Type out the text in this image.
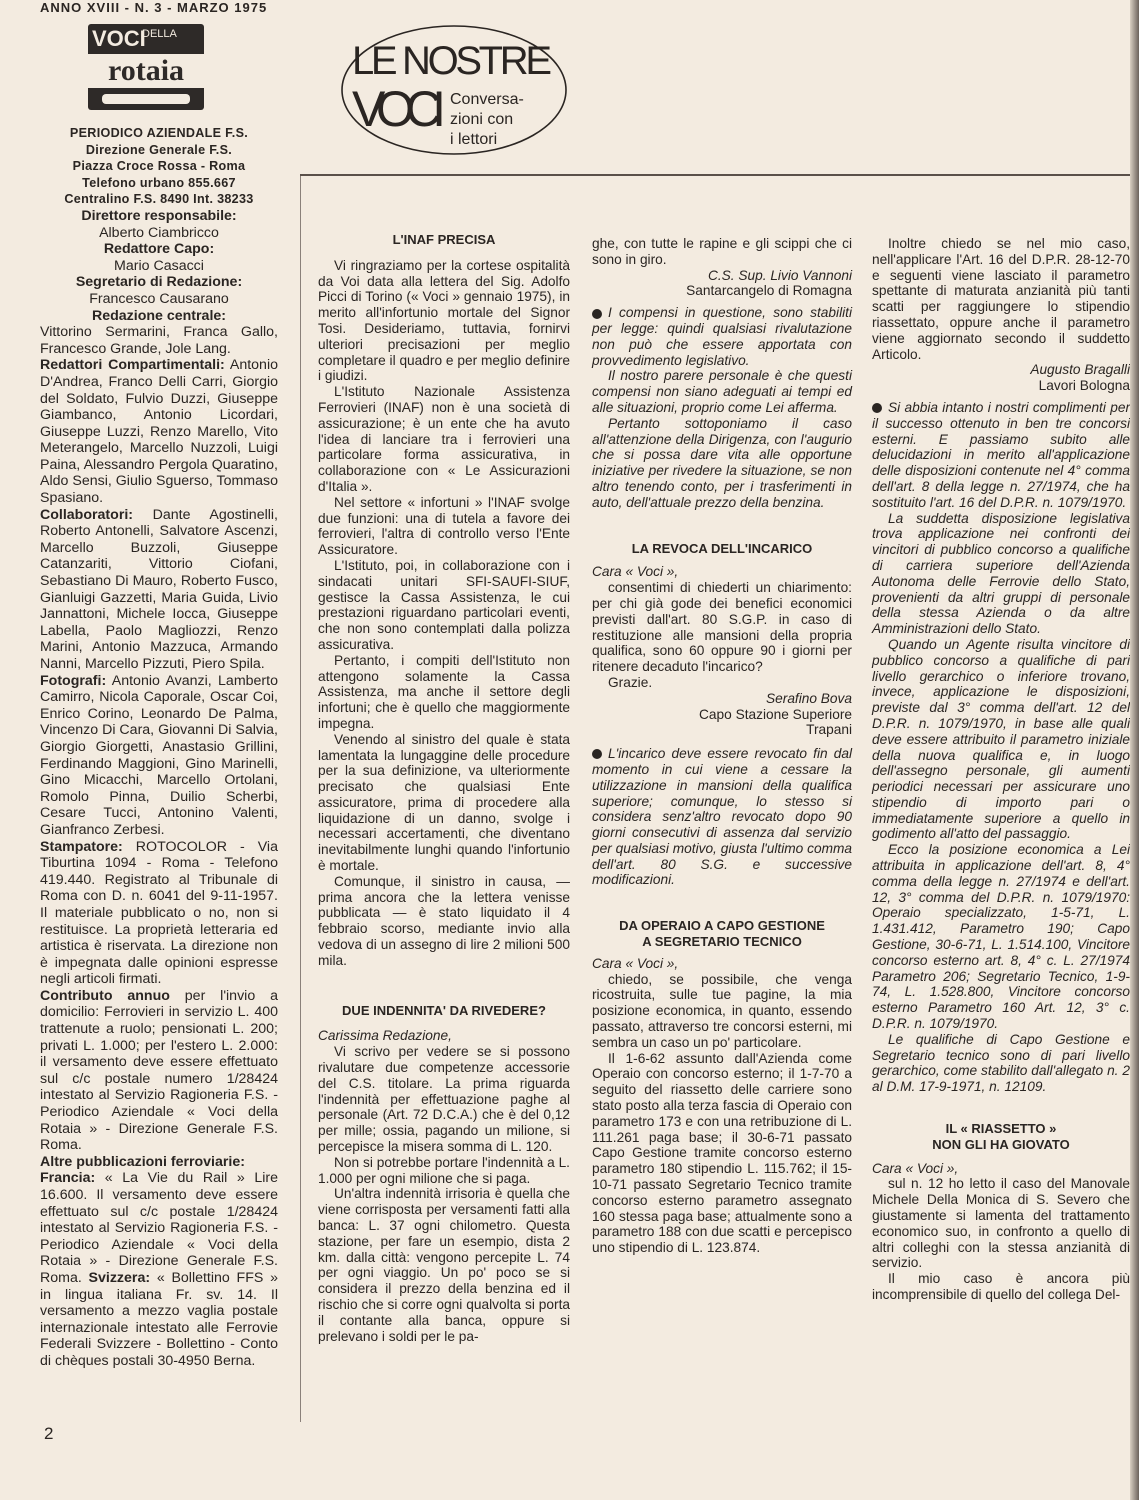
ANNO XVIII - N. 3 - MARZO 1975
VOCI
DELLA
rotaia
PERIODICO AZIENDALE F.S.
Direzione Generale F.S.
Piazza Croce Rossa - Roma
Telefono urbano 855.667
Centralino F.S. 8490 Int. 38233
Direttore responsabile:
Alberto Ciambricco
Redattore Capo:
Mario Casacci
Segretario di Redazione:
Francesco Causarano
Redazione centrale:

Vittorino Sermarini, Franca Gallo, Francesco Grande, Jole Lang.

Redattori Compartimentali: Antonio D'Andrea, Franco Delli Carri, Giorgio del Soldato, Fulvio Duzzi, Giuseppe Giambanco, Antonio Licordari, Giuseppe Luzzi, Renzo Marello, Vito Meterangelo, Marcello Nuzzoli, Luigi Paina, Alessandro Pergola Quaratino, Aldo Sensi, Giulio Sguerso, Tommaso Spasiano.

Collaboratori: Dante Agostinelli, Roberto Antonelli, Salvatore Ascenzi, Marcello Buzzoli, Giuseppe Catanzariti, Vittorio Ciofani, Sebastiano Di Mauro, Roberto Fusco, Gianluigi Gazzetti, Maria Guida, Livio Jannattoni, Michele Iocca, Giuseppe Labella, Paolo Magliozzi, Renzo Marini, Antonio Mazzuca, Armando Nanni, Marcello Pizzuti, Piero Spila.

Fotografi: Antonio Avanzi, Lamberto Camirro, Nicola Caporale, Oscar Coi, Enrico Corino, Leonardo De Palma, Vincenzo Di Cara, Giovanni Di Salvia, Giorgio Giorgetti, Anastasio Grillini, Ferdinando Maggioni, Gino Marinelli, Gino Micacchi, Marcello Ortolani, Romolo Pinna, Duilio Scherbi, Cesare Tucci, Antonino Valenti, Gianfranco Zerbesi.

Stampatore: ROTOCOLOR - Via Tiburtina 1094 - Roma - Telefono 419.440. Registrato al Tribunale di Roma con D. n. 6041 del 9-11-1957. Il materiale pubblicato o no, non si restituisce. La proprietà letteraria ed artistica è riservata. La direzione non è impegnata dalle opinioni espresse negli articoli firmati.

Contributo annuo per l'invio a domicilio: Ferrovieri in servizio L. 400 trattenute a ruolo; pensionati L. 200; privati L. 1.000; per l'estero L. 2.000: il versamento deve essere effettuato sul c/c postale numero 1/28424 intestato al Servizio Ragioneria F.S. - Periodico Aziendale « Voci della Rotaia » - Direzione Generale F.S. Roma.

Altre pubblicazioni ferroviarie:

Francia: « La Vie du Rail » Lire 16.600. Il versamento deve essere effettuato sul c/c postale 1/28424 intestato al Servizio Ragioneria F.S. - Periodico Aziendale « Voci della Rotaia » - Direzione Generale F.S. Roma. Svizzera: « Bollettino FFS » in lingua italiana Fr. sv. 14. Il versamento a mezzo vaglia postale internazionale intestato alle Ferrovie Federali Svizzere - Bollettino - Conto di chèques postali 30-4950 Berna.

2
LE NOSTRE
VOCI Conversa-
zioni con
i lettori

L'INAF PRECISA

Vi ringraziamo per la cortese ospitalità da Voi data alla lettera del Sig. Adolfo Picci di Torino (« Voci » gennaio 1975), in merito all'infortunio mortale del Signor Tosi. Desideriamo, tuttavia, fornirvi ulteriori precisazioni per meglio completare il quadro e per meglio definire i giudizi.

L'Istituto Nazionale Assistenza Ferrovieri (INAF) non è una società di assicurazione; è un ente che ha avuto l'idea di lanciare tra i ferrovieri una particolare forma assicurativa, in collaborazione con « Le Assicurazioni d'Italia ».

Nel settore « infortuni » l'INAF svolge due funzioni: una di tutela a favore dei ferrovieri, l'altra di controllo verso l'Ente Assicuratore.

L'Istituto, poi, in collaborazione con i sindacati unitari SFI-SAUFI-SIUF, gestisce la Cassa Assistenza, le cui prestazioni riguardano particolari eventi, che non sono contemplati dalla polizza assicurativa.

Pertanto, i compiti dell'Istituto non attengono solamente la Cassa Assistenza, ma anche il settore degli infortuni; che è quello che maggiormente impegna.

Venendo al sinistro del quale è stata lamentata la lungaggine delle procedure per la sua definizione, va ulteriormente precisato che qualsiasi Ente assicuratore, prima di procedere alla liquidazione di un danno, svolge i necessari accertamenti, che diventano inevitabilmente lunghi quando l'infortunio è mortale.

Comunque, il sinistro in causa, — prima ancora che la lettera venisse pubblicata — è stato liquidato il 4 febbraio scorso, mediante invio alla vedova di un assegno di lire 2 milioni 500 mila.

DUE INDENNITA' DA RIVEDERE?

Carissima Redazione,

Vi scrivo per vedere se si possono rivalutare due competenze accessorie del C.S. titolare. La prima riguarda l'indennità per effettuazione paghe al personale (Art. 72 D.C.A.) che è del 0,12 per mille; ossia, pagando un milione, si percepisce la misera somma di L. 120.

Non si potrebbe portare l'indennità a L. 1.000 per ogni milione che si paga.

Un'altra indennità irrisoria è quella che viene corrisposta per versamenti fatti alla banca: L. 37 ogni chilometro. Questa stazione, per fare un esempio, dista 2 km. dalla città: vengono percepite L. 74 per ogni viaggio. Un po' poco se si considera il prezzo della benzina ed il rischio che si corre ogni qualvolta si porta il contante alla banca, oppure si prelevano i soldi per le pa-

ghe, con tutte le rapine e gli scippi che ci sono in giro.

C.S. Sup. Livio Vannoni

Santarcangelo di Romagna

I compensi in questione, sono stabiliti per legge: quindi qualsiasi rivalutazione non può che essere apportata con provvedimento legislativo.

Il nostro parere personale è che questi compensi non siano adeguati ai tempi ed alle situazioni, proprio come Lei afferma.

Pertanto sottoponiamo il caso all'attenzione della Dirigenza, con l'augurio che si possa dare vita alle opportune iniziative per rivedere la situazione, se non altro tenendo conto, per i trasferimenti in auto, dell'attuale prezzo della benzina.

LA REVOCA DELL'INCARICO

Cara « Voci »,

consentimi di chiederti un chiarimento: per chi già gode dei benefici economici previsti dall'art. 80 S.G.P. in caso di restituzione alle mansioni della propria qualifica, sono 60 oppure 90 i giorni per ritenere decaduto l'incarico?

Grazie.

Serafino Bova

Capo Stazione Superiore

Trapani

L'incarico deve essere revocato fin dal momento in cui viene a cessare la utilizzazione in mansioni della qualifica superiore; comunque, lo stesso si considera senz'altro revocato dopo 90 giorni consecutivi di assenza dal servizio per qualsiasi motivo, giusta l'ultimo comma dell'art. 80 S.G. e successive modificazioni.

DA OPERAIO A CAPO GESTIONE

A SEGRETARIO TECNICO

Cara « Voci »,

chiedo, se possibile, che venga ricostruita, sulle tue pagine, la mia posizione economica, in quanto, essendo passato, attraverso tre concorsi esterni, mi sembra un caso un po' particolare.

Il 1-6-62 assunto dall'Azienda come Operaio con concorso esterno; il 1-7-70 a seguito del riassetto delle carriere sono stato posto alla terza fascia di Operaio con parametro 173 e con una retribuzione di L. 111.261 paga base; il 30-6-71 passato Capo Gestione tramite concorso esterno parametro 180 stipendio L. 115.762; il 15-10-71 passato Segretario Tecnico tramite concorso esterno parametro assegnato 160 stessa paga base; attualmente sono a parametro 188 con due scatti e percepisco uno stipendio di L. 123.874.

Inoltre chiedo se nel mio caso, nell'applicare l'Art. 16 del D.P.R. 28-12-70 e seguenti viene lasciato il parametro spettante di maturata anzianità più tanti scatti per raggiungere lo stipendio riassettato, oppure anche il parametro viene aggiornato secondo il suddetto Articolo.

Augusto Bragalli

Lavori Bologna

Si abbia intanto i nostri complimenti per il successo ottenuto in ben tre concorsi esterni. E passiamo subito alle delucidazioni in merito all'applicazione delle disposizioni contenute nel 4° comma dell'art. 8 della legge n. 27/1974, che ha sostituito l'art. 16 del D.P.R. n. 1079/1970.

La suddetta disposizione legislativa trova applicazione nei confronti dei vincitori di pubblico concorso a qualifiche di carriera superiore dell'Azienda Autonoma delle Ferrovie dello Stato, provenienti da altri gruppi di personale della stessa Azienda o da altre Amministrazioni dello Stato.

Quando un Agente risulta vincitore di pubblico concorso a qualifiche di pari livello gerarchico o inferiore trovano, invece, applicazione le disposizioni, previste dal 3° comma dell'art. 12 del D.P.R. n. 1079/1970, in base alle quali deve essere attribuito il parametro iniziale della nuova qualifica e, in luogo dell'assegno personale, gli aumenti periodici necessari per assicurare uno stipendio di importo pari o immediatamente superiore a quello in godimento all'atto del passaggio.

Ecco la posizione economica a Lei attribuita in applicazione dell'art. 8, 4° comma della legge n. 27/1974 e dell'art. 12, 3° comma del D.P.R. n. 1079/1970: Operaio specializzato, 1-5-71, L. 1.431.412, Parametro 190; Capo Gestione, 30-6-71, L. 1.514.100, Vincitore concorso esterno art. 8, 4° c. L. 27/1974 Parametro 206; Segretario Tecnico, 1-9-74, L. 1.528.800, Vincitore concorso esterno Parametro 160 Art. 12, 3° c. D.P.R. n. 1079/1970.

Le qualifiche di Capo Gestione e Segretario tecnico sono di pari livello gerarchico, come stabilito dall'allegato n. 2 al D.M. 17-9-1971, n. 12109.

IL « RIASSETTO »

NON GLI HA GIOVATO

Cara « Voci »,

sul n. 12 ho letto il caso del Manovale Michele Della Monica di S. Severo che giustamente si lamenta del trattamento economico suo, in confronto a quello di altri colleghi con la stessa anzianità di servizio.

Il mio caso è ancora più incomprensibile di quello del collega Del-
